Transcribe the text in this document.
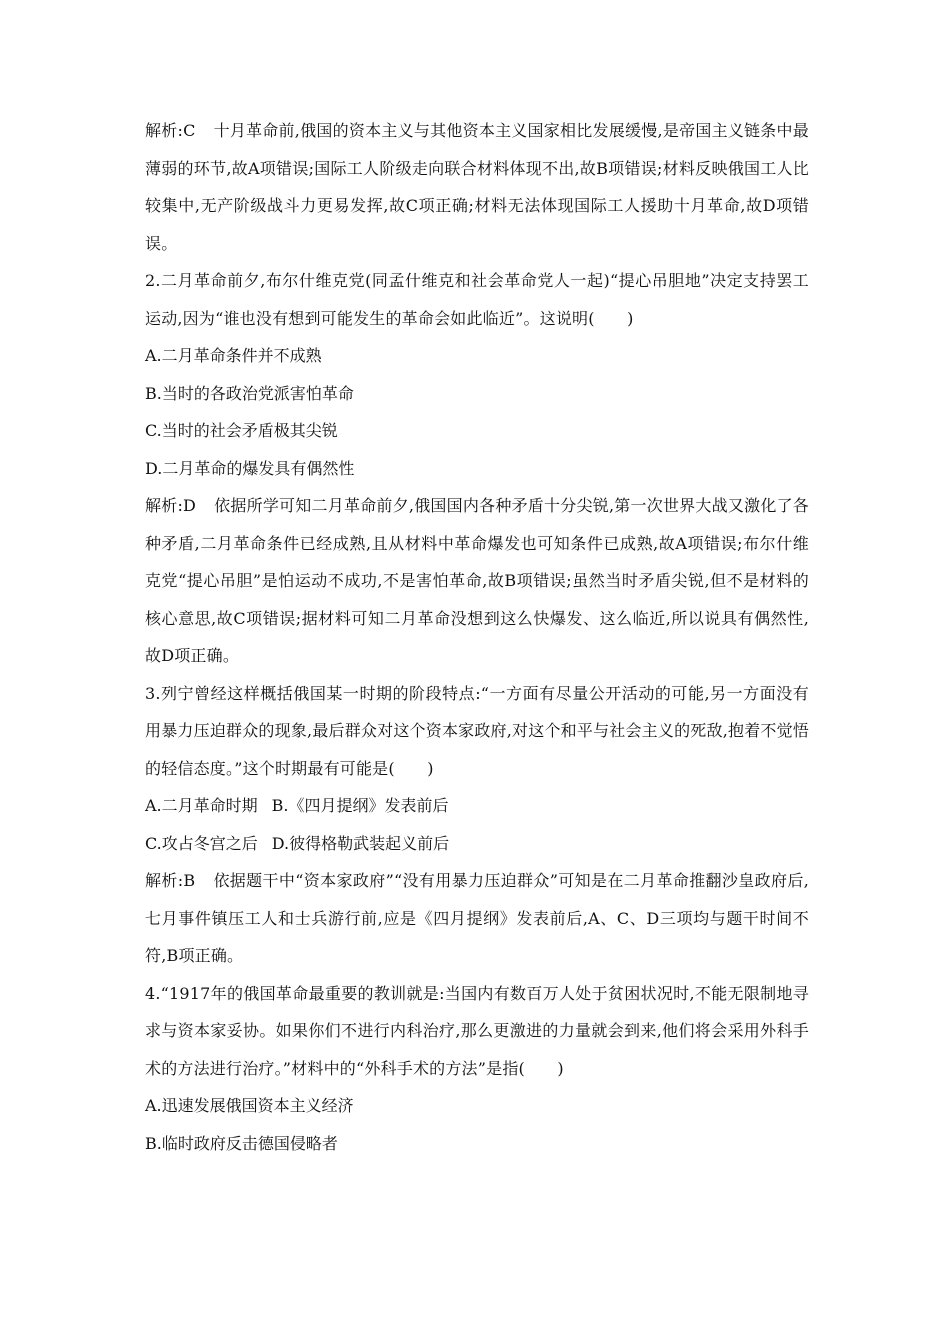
解析:C 十月革命前,俄国的资本主义与其他资本主义国家相比发展缓慢,是帝国主义链条中最薄弱的环节,故A项错误;国际工人阶级走向联合材料体现不出,故B项错误;材料反映俄国工人比较集中,无产阶级战斗力更易发挥,故C项正确;材料无法体现国际工人援助十月革命,故D项错误。

2.二月革命前夕,布尔什维克党(同孟什维克和社会革命党人一起)“提心吊胆地”决定支持罢工运动,因为“谁也没有想到可能发生的革命会如此临近”。这说明(　　)

A.二月革命条件并不成熟

B.当时的各政治党派害怕革命

C.当时的社会矛盾极其尖锐

D.二月革命的爆发具有偶然性

解析:D 依据所学可知二月革命前夕,俄国国内各种矛盾十分尖锐,第一次世界大战又激化了各种矛盾,二月革命条件已经成熟,且从材料中革命爆发也可知条件已成熟,故A项错误;布尔什维克党“提心吊胆”是怕运动不成功,不是害怕革命,故B项错误;虽然当时矛盾尖锐,但不是材料的核心意思,故C项错误;据材料可知二月革命没想到这么快爆发、这么临近,所以说具有偶然性,故D项正确。

3.列宁曾经这样概括俄国某一时期的阶段特点:“一方面有尽量公开活动的可能,另一方面没有用暴力压迫群众的现象,最后群众对这个资本家政府,对这个和平与社会主义的死敌,抱着不觉悟的轻信态度。”这个时期最有可能是(　　)

A.二月革命时期 B.《四月提纲》发表前后

C.攻占冬宫之后 D.彼得格勒武装起义前后

解析:B 依据题干中“资本家政府”“没有用暴力压迫群众”可知是在二月革命推翻沙皇政府后,七月事件镇压工人和士兵游行前,应是《四月提纲》发表前后,A、C、D三项均与题干时间不符,B项正确。

4.“1917年的俄国革命最重要的教训就是:当国内有数百万人处于贫困状况时,不能无限制地寻求与资本家妥协。如果你们不进行内科治疗,那么更激进的力量就会到来,他们将会采用外科手术的方法进行治疗。”材料中的“外科手术的方法”是指(　　)

A.迅速发展俄国资本主义经济

B.临时政府反击德国侵略者
